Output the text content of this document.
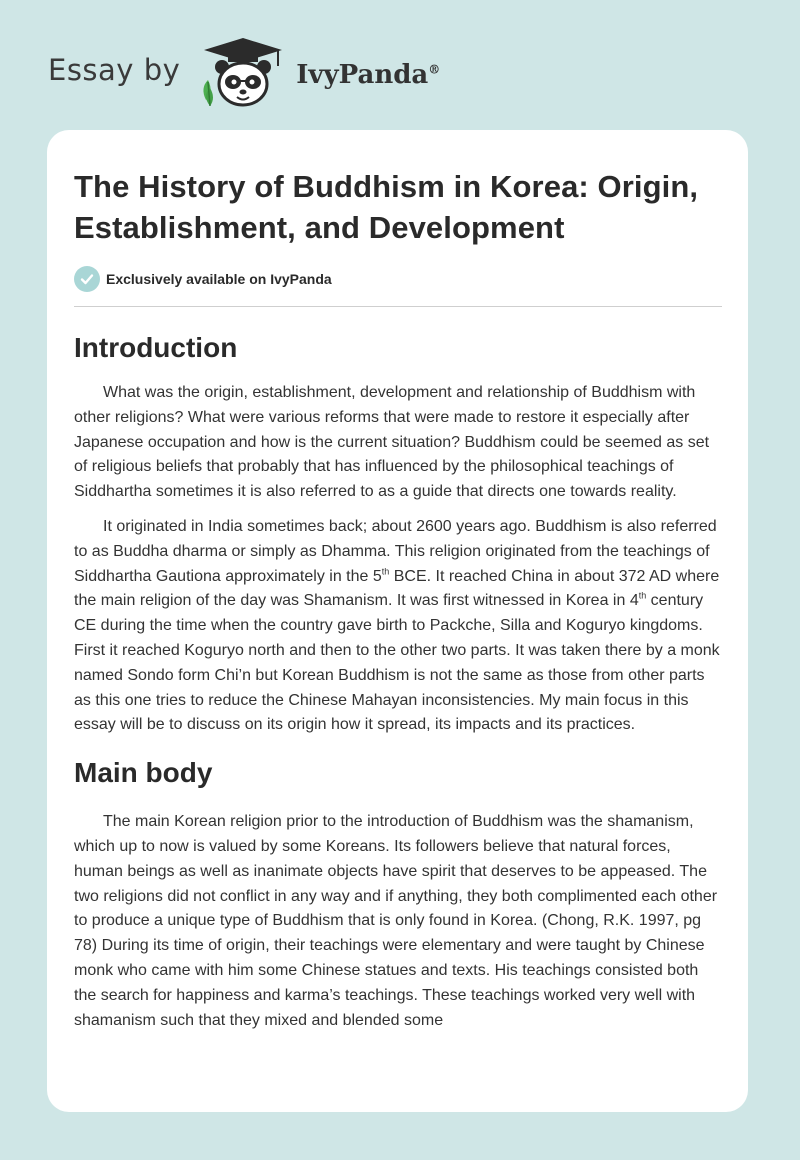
Essay by	IvyPanda®
The History of Buddhism in Korea: Origin, Establishment, and Development
Exclusively available on IvyPanda
Introduction

What was the origin, establishment, development and relationship of Buddhism with other religions? What were various reforms that were made to restore it especially after Japanese occupation and how is the current situation? Buddhism could be seemed as set of religious beliefs that probably that has influenced by the philosophical teachings of Siddhartha sometimes it is also referred to as a guide that directs one towards reality.

It originated in India sometimes back; about 2600 years ago. Buddhism is also referred to as Buddha dharma or simply as Dhamma. This religion originated from the teachings of Siddhartha Gautiona approximately in the 5th BCE. It reached China in about 372 AD where the main religion of the day was Shamanism. It was first witnessed in Korea in 4th century CE during the time when the country gave birth to Packche, Silla and Koguryo kingdoms. First it reached Koguryo north and then to the other two parts. It was taken there by a monk named Sondo form Chi’n but Korean Buddhism is not the same as those from other parts as this one tries to reduce the Chinese Mahayan inconsistencies. My main focus in this essay will be to discuss on its origin how it spread, its impacts and its practices.

Main body

The main Korean religion prior to the introduction of Buddhism was the shamanism, which up to now is valued by some Koreans. Its followers believe that natural forces, human beings as well as inanimate objects have spirit that deserves to be appeased. The two religions did not conflict in any way and if anything, they both complimented each other to produce a unique type of Buddhism that is only found in Korea. (Chong, R.K. 1997, pg 78) During its time of origin, their teachings were elementary and were taught by Chinese monk who came with him some Chinese statues and texts. His teachings consisted both the search for happiness and karma’s teachings. These teachings worked very well with shamanism such that they mixed and blended some
